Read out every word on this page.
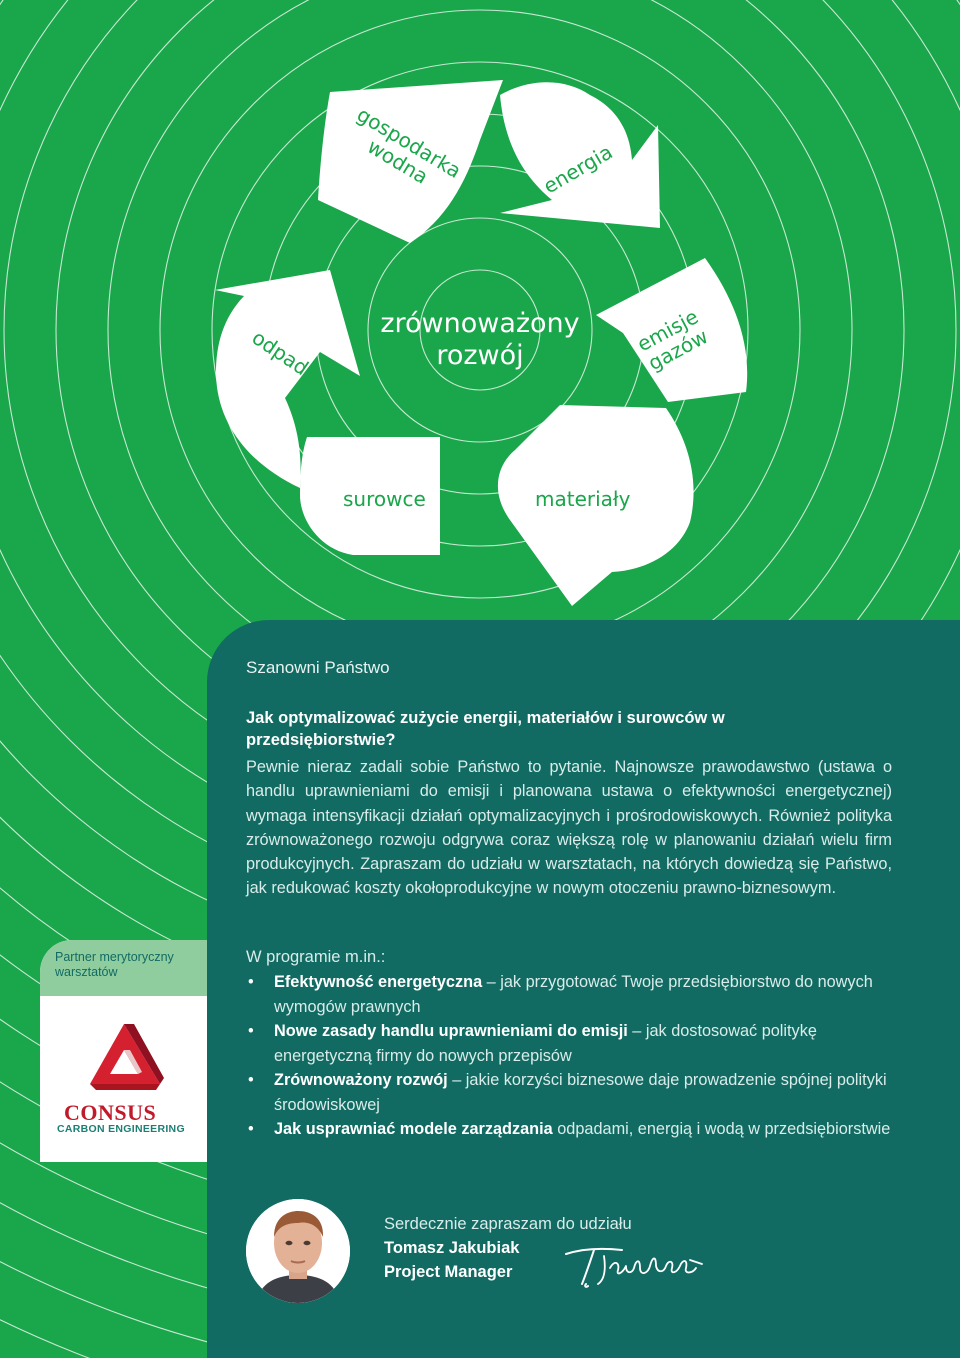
gospodarka
wodna	energia
emisje
gazów
materiały
surowce
odpady
zrównoważony
rozwój
Szanowni Państwo
Jak optymalizować zużycie energii, materiałów i surowców w przedsiębiorstwie?
Pewnie nieraz zadali sobie Państwo to pytanie. Najnowsze prawodawstwo (ustawa o handlu uprawnieniami do emisji i planowana ustawa o efektywności energetycznej) wymaga intensyfikacji działań optymalizacyjnych i prośrodowiskowych. Również polityka zrównoważonego rozwoju odgrywa coraz większą rolę w planowaniu działań wielu firm produkcyjnych. Zapraszam do udziału w warsztatach, na których dowiedzą się Państwo, jak redukować koszty okołoprodukcyjne w nowym otoczeniu prawno-biznesowym.
W programie m.in.:
• Efektywność energetyczna – jak przygotować Twoje przedsiębiorstwo do nowych wymogów prawnych
• Nowe zasady handlu uprawnieniami do emisji – jak dostosować politykę energetyczną firmy do nowych przepisów
• Zrównoważony rozwój – jakie korzyści biznesowe daje prowadzenie spójnej polityki środowiskowej
• Jak usprawniać modele zarządzania odpadami, energią i wodą w przedsiębiorstwie
Partner merytoryczny warsztatów
CONSUS
CARBON ENGINEERING
Serdecznie zapraszam do udziału
Tomasz Jakubiak
Project Manager
